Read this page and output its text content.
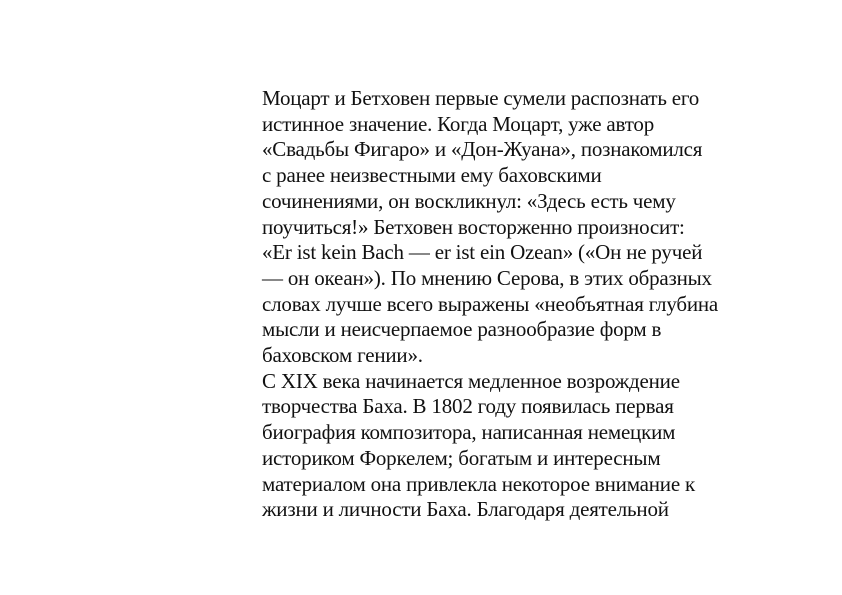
Моцарт и Бетховен первые сумели распознать его
истинное значение. Когда Моцарт, уже автор
«Свадьбы Фигаро» и «Дон-Жуана», познакомился
с ранее неизвестными ему баховскими
сочинениями, он воскликнул: «Здесь есть чему
поучиться!» Бетховен восторженно произносит:
«Er ist kein Bach — er ist ein Ozean» («Он не ручей
— он океан»). По мнению Серова, в этих образных
словах лучше всего выражены «необъятная глубина
мысли и неисчерпаемое разнообразие форм в
баховском гении».
С XIX века начинается медленное возрождение
творчества Баха. В 1802 году появилась первая
биография композитора, написанная немецким
историком Форкелем; богатым и интересным
материалом она привлекла некоторое внимание к
жизни и личности Баха. Благодаря деятельной
